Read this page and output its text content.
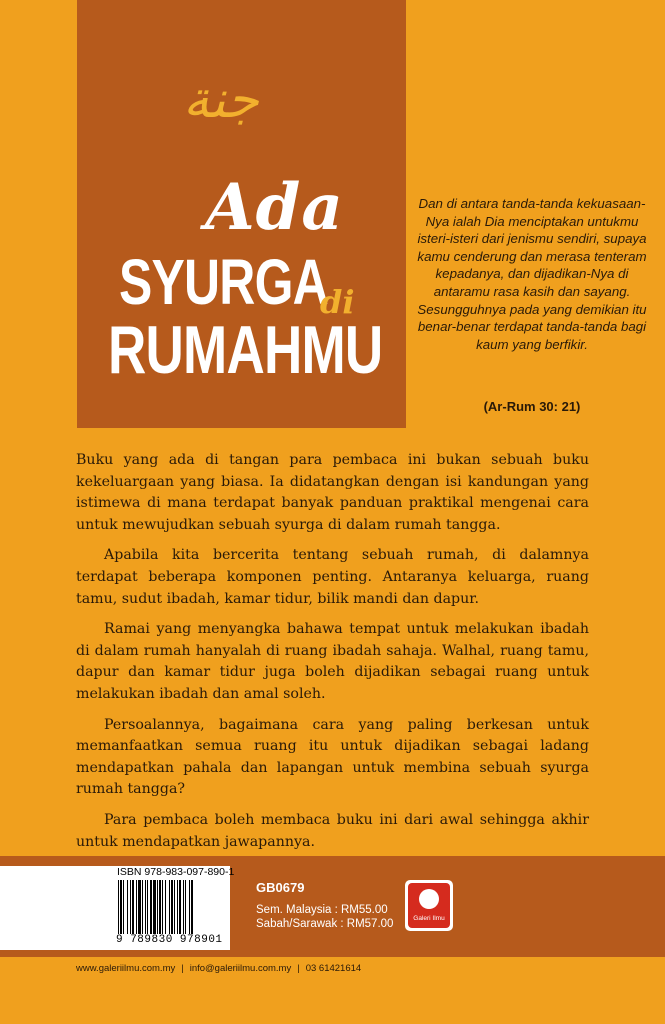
جنة
Ada
SYURGA
di
RUMAHMU
Dan di antara tanda-tanda kekuasaan-Nya ialah Dia menciptakan untukmu isteri-isteri dari jenismu sendiri, supaya kamu cenderung dan merasa tenteram kepadanya, dan dijadikan-Nya di antaramu rasa kasih dan sayang. Sesungguhnya pada yang demikian itu benar-benar terdapat tanda-tanda bagi kaum yang berfikir.
(Ar-Rum 30: 21)

Buku yang ada di tangan para pembaca ini bukan sebuah buku kekeluargaan yang biasa. Ia didatangkan dengan isi kandungan yang istimewa di mana terdapat banyak panduan praktikal mengenai cara untuk mewujudkan sebuah syurga di dalam rumah tangga.

Apabila kita bercerita tentang sebuah rumah, di dalamnya terdapat beberapa komponen penting. Antaranya keluarga, ruang tamu, sudut ibadah, kamar tidur, bilik mandi dan dapur.

Ramai yang menyangka bahawa tempat untuk melakukan ibadah di dalam rumah hanyalah di ruang ibadah sahaja. Walhal, ruang tamu, dapur dan kamar tidur juga boleh dijadikan sebagai ruang untuk melakukan ibadah dan amal soleh.

Persoalannya, bagaimana cara yang paling berkesan untuk memanfaatkan semua ruang itu untuk dijadikan sebagai ladang mendapatkan pahala dan lapangan untuk membina sebuah syurga rumah tangga?

Para pembaca boleh membaca buku ini dari awal sehingga akhir untuk mendapatkan jawapannya.

ISBN 978-983-097-890-1
9 789830 978901
GB0679
Sem. Malaysia : RM55.00
Sabah/Sarawak : RM57.00	Galeri Ilmu
www.galeriilmu.com.my | info@galeriilmu.com.my | 03 61421614
